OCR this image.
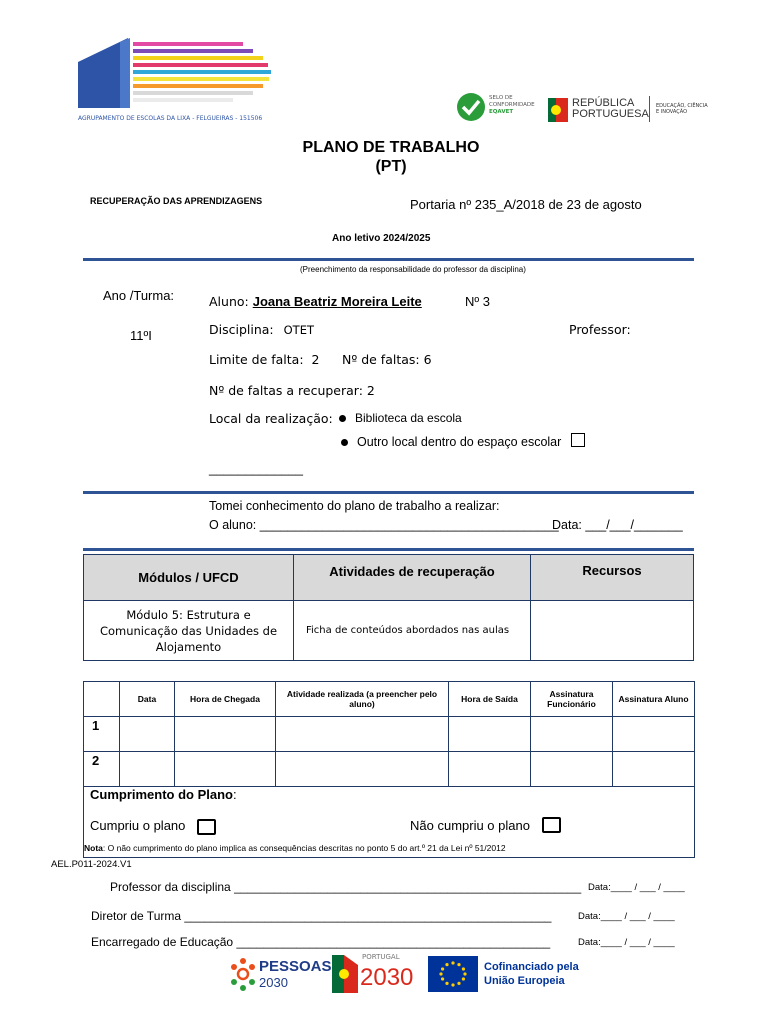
AGRUPAMENTO DE ESCOLAS DA LIXA - FELGUEIRAS - 151506
SELO DE
CONFORMIDADE
EQAVET
REPÚBLICA
PORTUGUESA
EDUCAÇÃO, CIÊNCIA
E INOVAÇÃO
PLANO DE TRABALHO
(PT)
RECUPERAÇÃO DAS APRENDIZAGENS	Portaria nº 235_A/2018 de 23 de agosto
Ano letivo 2024/2025
(Preenchimento da responsabilidade do professor da disciplina)
Ano /Turma:
11ºI
Aluno: Joana Beatriz Moreira Leite	Nº 3
Disciplina: OTET	Professor:
Limite de falta: 2 Nº de faltas: 6
Nº de faltas a recuperar: 2
Local da realização:	Biblioteca da escola
Outro local dentro do espaço escolar
_____________
Tomei conhecimento do plano de trabalho a realizar:
O aluno: ___________________________________________
Data: ___/___/_______
Módulos / UFCD	Atividades de recuperação	Recursos
Módulo 5: Estrutura e Comunicação das Unidades de Alojamento	Ficha de conteúdos abordados nas aulas	
	Data	Hora de Chegada	Atividade realizada (a preencher pelo aluno)	Hora de Saída	Assinatura Funcionário	Assinatura Aluno
1						
2						
Cumprimento do Plano:
Cumpriu o plano	Não cumpriu o plano
Nota: O não cumprimento do plano implica as consequências descritas no ponto 5 do art.º 21 da Lei nº 51/2012
AEL.P011-2024.V1
Professor da disciplina ____________________________________________________ Data:____ / ___ / ____
Diretor de Turma _______________________________________________________	Data:____ / ___ / ____
Encarregado de Educação _______________________________________________	Data:____ / ___ / ____
PESSOAS
2030
PORTUGAL
2030	Cofinanciado pela
União Europeia
